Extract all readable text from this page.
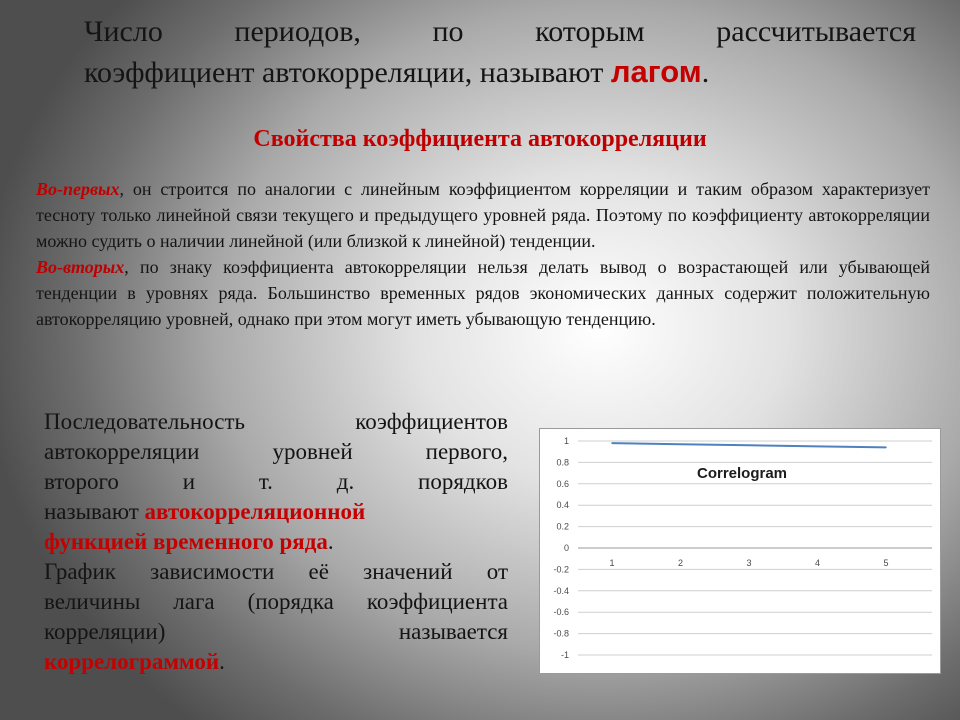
Число периодов, по которым рассчитывается
коэффициент автокорреляции, называют лагом.
Свойства коэффициента автокорреляции
Во-первых, он строится по аналогии с линейным коэффициентом корреляции и таким образом характеризует тесноту только линейной связи текущего и предыдущего уровней ряда. Поэтому по коэффициенту автокорреляции можно судить о наличии линейной (или близкой к линейной) тенденции.
Во-вторых, по знаку коэффициента автокорреляции нельзя делать вывод о возрастающей или убывающей тенденции в уровнях ряда. Большинство временных рядов экономических данных содержит положительную автокорреляцию уровней, однако при этом могут иметь убывающую тенденцию.
Последовательность коэффициентов
автокорреляции уровней первого,
второго и т. д. порядков
называют автокорреляционной
функцией временного ряда.
График зависимости её значений от
величины лага (порядка коэффициента
корреляции) называется
коррелограммой.
1
0.8
0.6
0.4
0.2
0
-0.2
-0.4
-0.6
-0.8
-1
1	2	3	4	5
Correlogram
